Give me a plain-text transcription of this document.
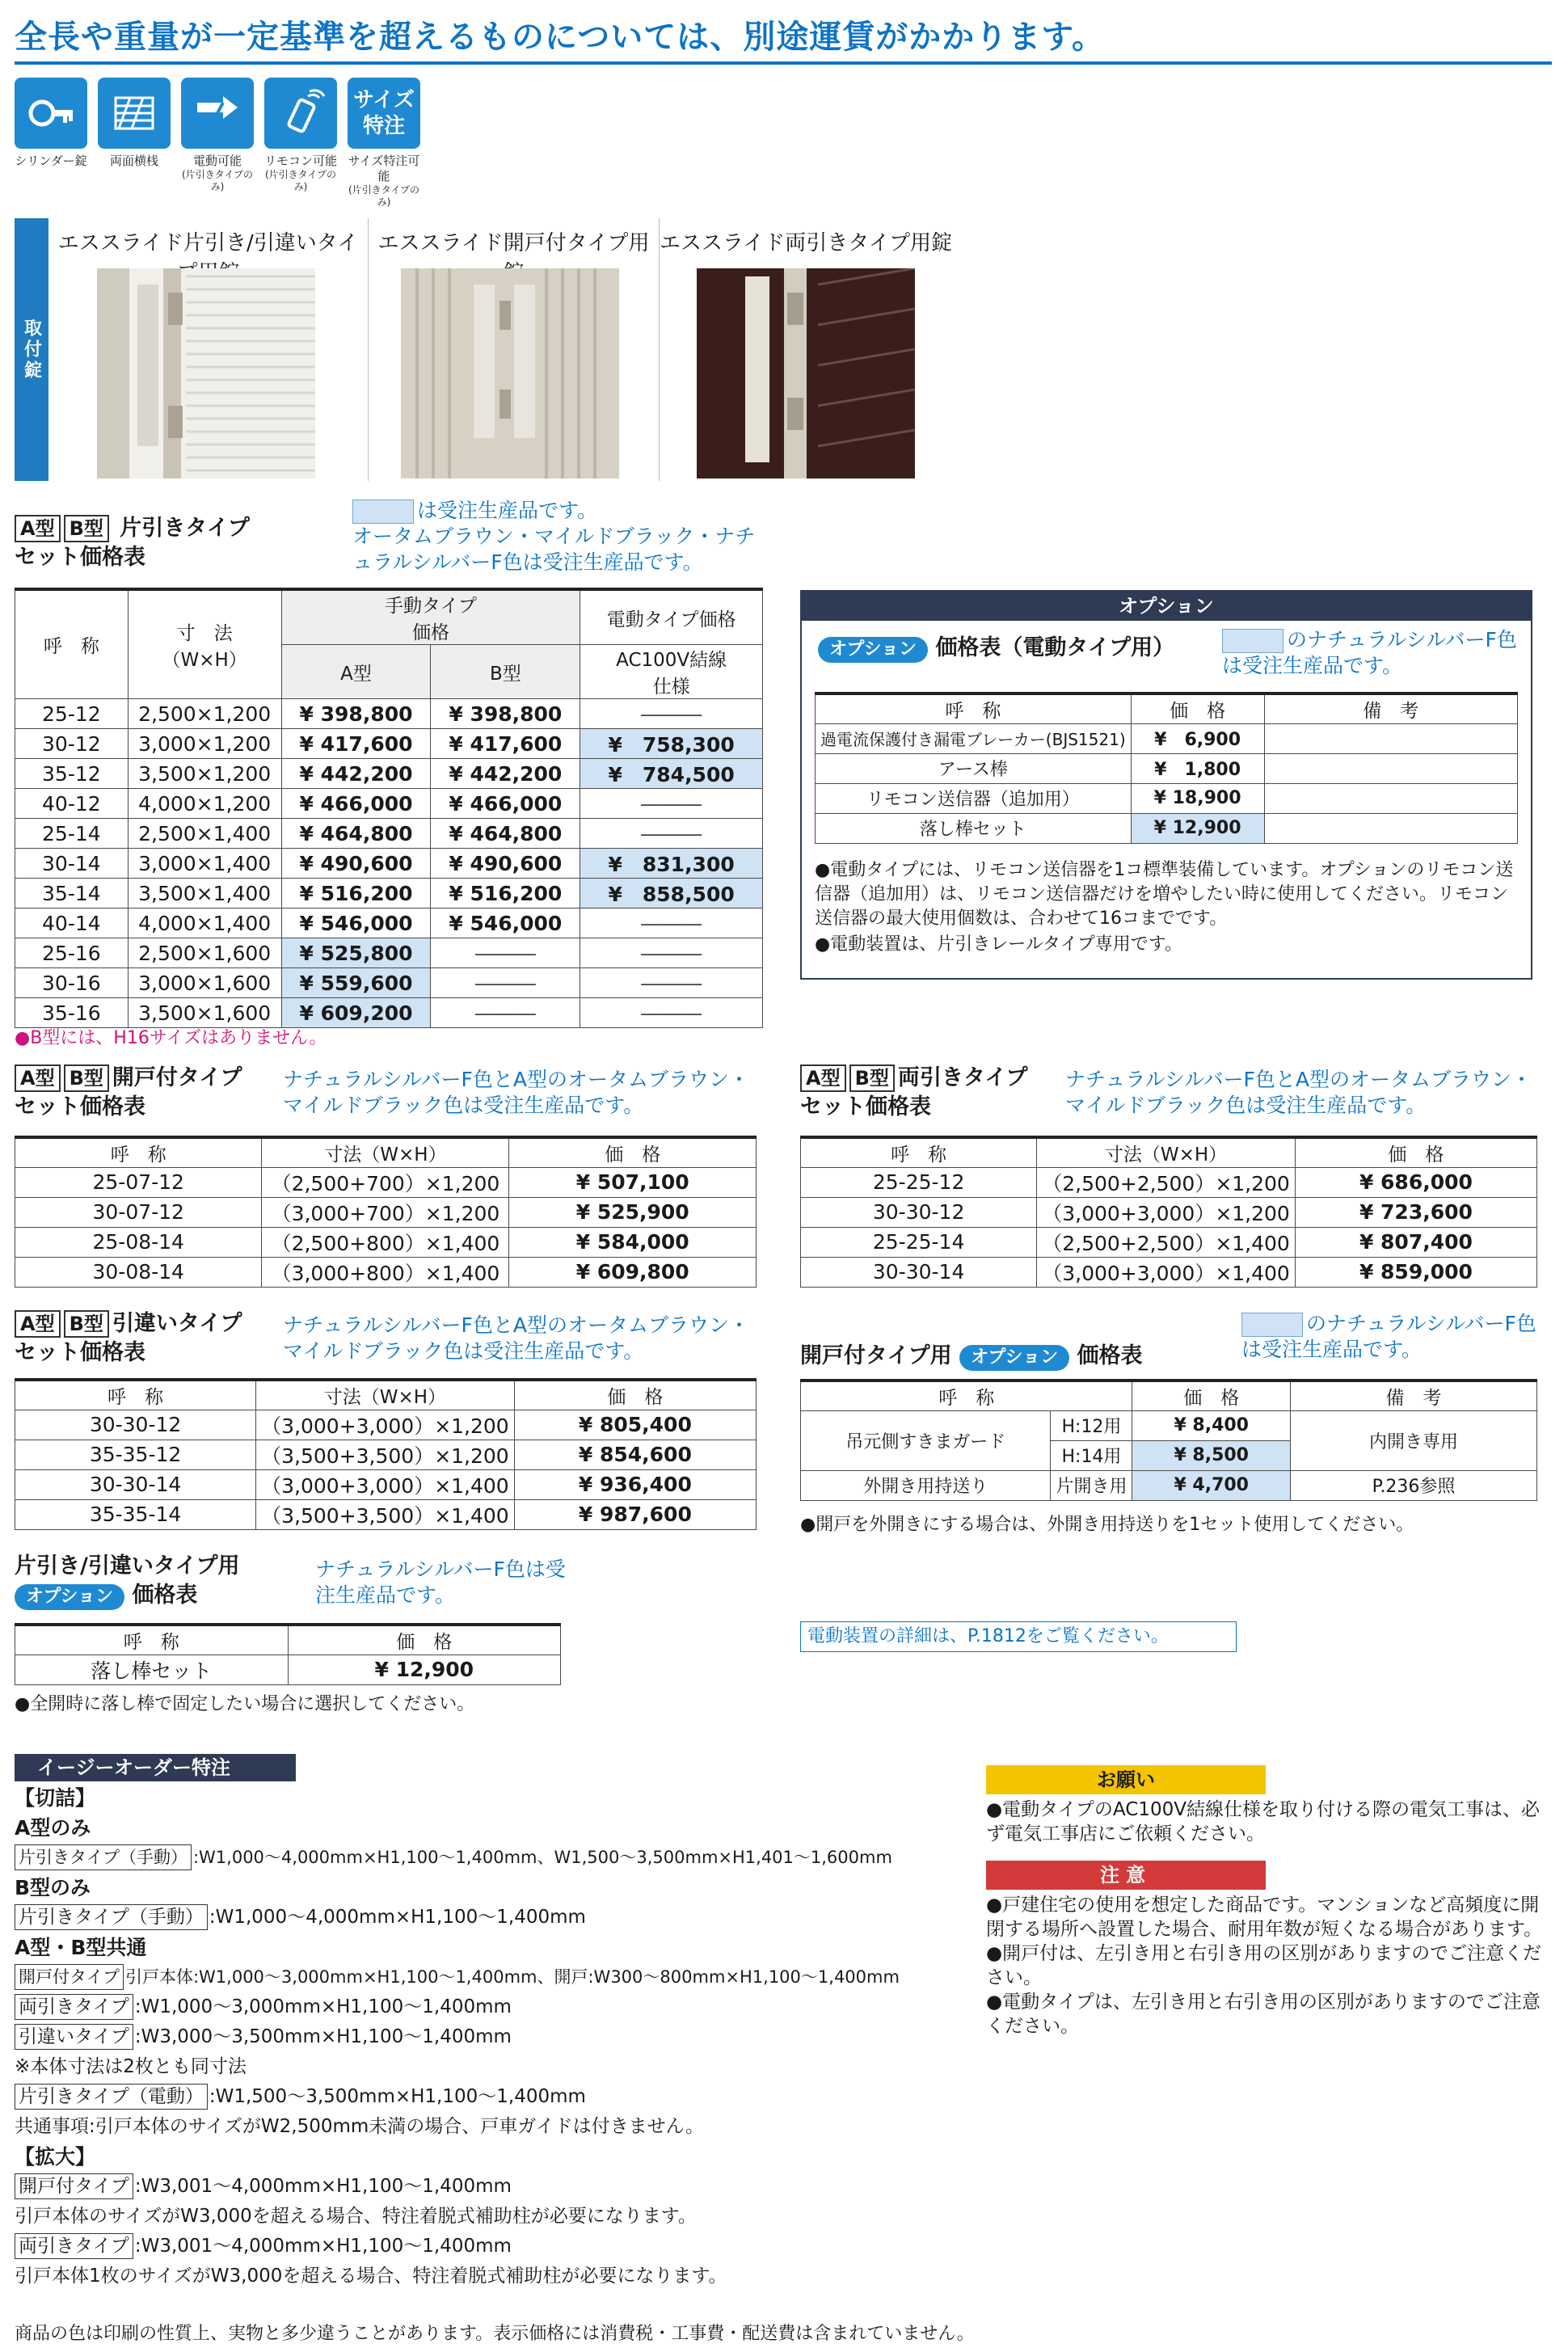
全長や重量が一定基準を超えるものについては、別途運賃がかかります。
シリンダー錠	両面横桟	電動可能
(片引きタイプのみ)
リモコン可能
(片引きタイプのみ)
サイズ
特注
サイズ特注可能
(片引きタイプのみ)
取付錠
エススライド片引き/引違いタイ エススライド開戸付タイプ用 エススライド両引きタイプ用錠
A型 B型 片引きタイプ
セット価格表
は受注生産品です。
オータムブラウン・マイルドブラック・ナチュラルシルバーF色は受注生産品です。
呼　称	寸　法
（W×H）	手動タイプ
価格		電動タイプ価格
		A型	B型	AC100V結線
仕様
25-12	2,500×1,200	¥ 398,800	¥ 398,800	―――
30-12	3,000×1,200	¥ 417,600	¥ 417,600	¥　758,300
35-12	3,500×1,200	¥ 442,200	¥ 442,200	¥　784,500
40-12	4,000×1,200	¥ 466,000	¥ 466,000	―――
25-14	2,500×1,400	¥ 464,800	¥ 464,800	―――
30-14	3,000×1,400	¥ 490,600	¥ 490,600	¥　831,300
35-14	3,500×1,400	¥ 516,200	¥ 516,200	¥　858,500
40-14	4,000×1,400	¥ 546,000	¥ 546,000	―――
25-16	2,500×1,600	¥ 525,800	―――	―――
30-16	3,000×1,600	¥ 559,600	―――	―――
35-16	3,500×1,600	¥ 609,200	―――	―――
●B型には、H16サイズはありません。
オプション
オプション 価格表（電動タイプ用）	のナチュラルシルバーF色は受注生産品です。
呼　称	価　格	備　考
過電流保護付き漏電ブレーカー(BJS1521)	¥　6,900	
アース棒	¥　1,800	
リモコン送信器（追加用）	¥ 18,900	
落し棒セット	¥ 12,900	
●電動タイプには、リモコン送信器を1コ標準装備しています。オプションのリモコン送信器（追加用）は、リモコン送信器だけを増やしたい時に使用してください。リモコン送信器の最大使用個数は、合わせて16コまでです。
●電動装置は、片引きレールタイプ専用です。
A型 B型 開戸付タイプ
セット価格表
ナチュラルシルバーF色とA型のオータムブラウン・マイルドブラック色は受注生産品です。
呼　称	寸法（W×H）	価　格
25-07-12	（2,500+700）×1,200	¥ 507,100
30-07-12	（3,000+700）×1,200	¥ 525,900
25-08-14	（2,500+800）×1,400	¥ 584,000
30-08-14	（3,000+800）×1,400	¥ 609,800
A型 B型 両引きタイプ
セット価格表
ナチュラルシルバーF色とA型のオータムブラウン・マイルドブラック色は受注生産品です。
呼　称	寸法（W×H）	価　格
25-25-12	（2,500+2,500）×1,200	¥ 686,000
30-30-12	（3,000+3,000）×1,200	¥ 723,600
25-25-14	（2,500+2,500）×1,400	¥ 807,400
30-30-14	（3,000+3,000）×1,400	¥ 859,000
A型 B型 引違いタイプ
セット価格表
ナチュラルシルバーF色とA型のオータムブラウン・マイルドブラック色は受注生産品です。
呼　称	寸法（W×H）	価　格
30-30-12	（3,000+3,000）×1,200	¥ 805,400
35-35-12	（3,500+3,500）×1,200	¥ 854,600
30-30-14	（3,000+3,000）×1,400	¥ 936,400
35-35-14	（3,500+3,500）×1,400	¥ 987,600
開戸付タイプ用 オプション 価格表
のナチュラルシルバーF色は受注生産品です。
呼　称		価　格	備　考
吊元側すきまガード	H:12用	¥ 8,400	内開き専用
	H:14用	¥ 8,500	
外開き用持送り	片開き用	¥ 4,700	P.236参照
●開戸を外開きにする場合は、外開き用持送りを1セット使用してください。
片引き/引違いタイプ用
オプション 価格表
ナチュラルシルバーF色は受注生産品です。
呼　称	価　格
落し棒セット	¥ 12,900
●全開時に落し棒で固定したい場合に選択してください。
電動装置の詳細は、P.1812をご覧ください。
イージーオーダー特注
【切詰】
A型のみ
片引きタイプ（手動） :W1,000～4,000mm×H1,100～1,400mm、W1,500～3,500mm×H1,401～1,600mm
B型のみ
片引きタイプ（手動） :W1,000～4,000mm×H1,100～1,400mm
A型・B型共通
開戸付タイプ 引戸本体:W1,000～3,000mm×H1,100～1,400mm、開戸:W300～800mm×H1,100～1,400mm
両引きタイプ :W1,000～3,000mm×H1,100～1,400mm
引違いタイプ :W3,000～3,500mm×H1,100～1,400mm
※本体寸法は2枚とも同寸法
片引きタイプ（電動） :W1,500～3,500mm×H1,100～1,400mm
共通事項:引戸本体のサイズがW2,500mm未満の場合、戸車ガイドは付きません。
【拡大】
開戸付タイプ :W3,001～4,000mm×H1,100～1,400mm
引戸本体のサイズがW3,000を超える場合、特注着脱式補助柱が必要になります。
両引きタイプ :W3,001～4,000mm×H1,100～1,400mm
引戸本体1枚のサイズがW3,000を超える場合、特注着脱式補助柱が必要になります。
お願い
●電動タイプのAC100V結線仕様を取り付ける際の電気工事は、必ず電気工事店にご依頼ください。
注意
●戸建住宅の使用を想定した商品です。マンションなど高頻度に開閉する場所へ設置した場合、耐用年数が短くなる場合があります。
●開戸付は、左引き用と右引き用の区別がありますのでご注意ください。
●電動タイプは、左引き用と右引き用の区別がありますのでご注意ください。
商品の色は印刷の性質上、実物と多少違うことがあります。表示価格には消費税・工事費・配送費は含まれていません。
